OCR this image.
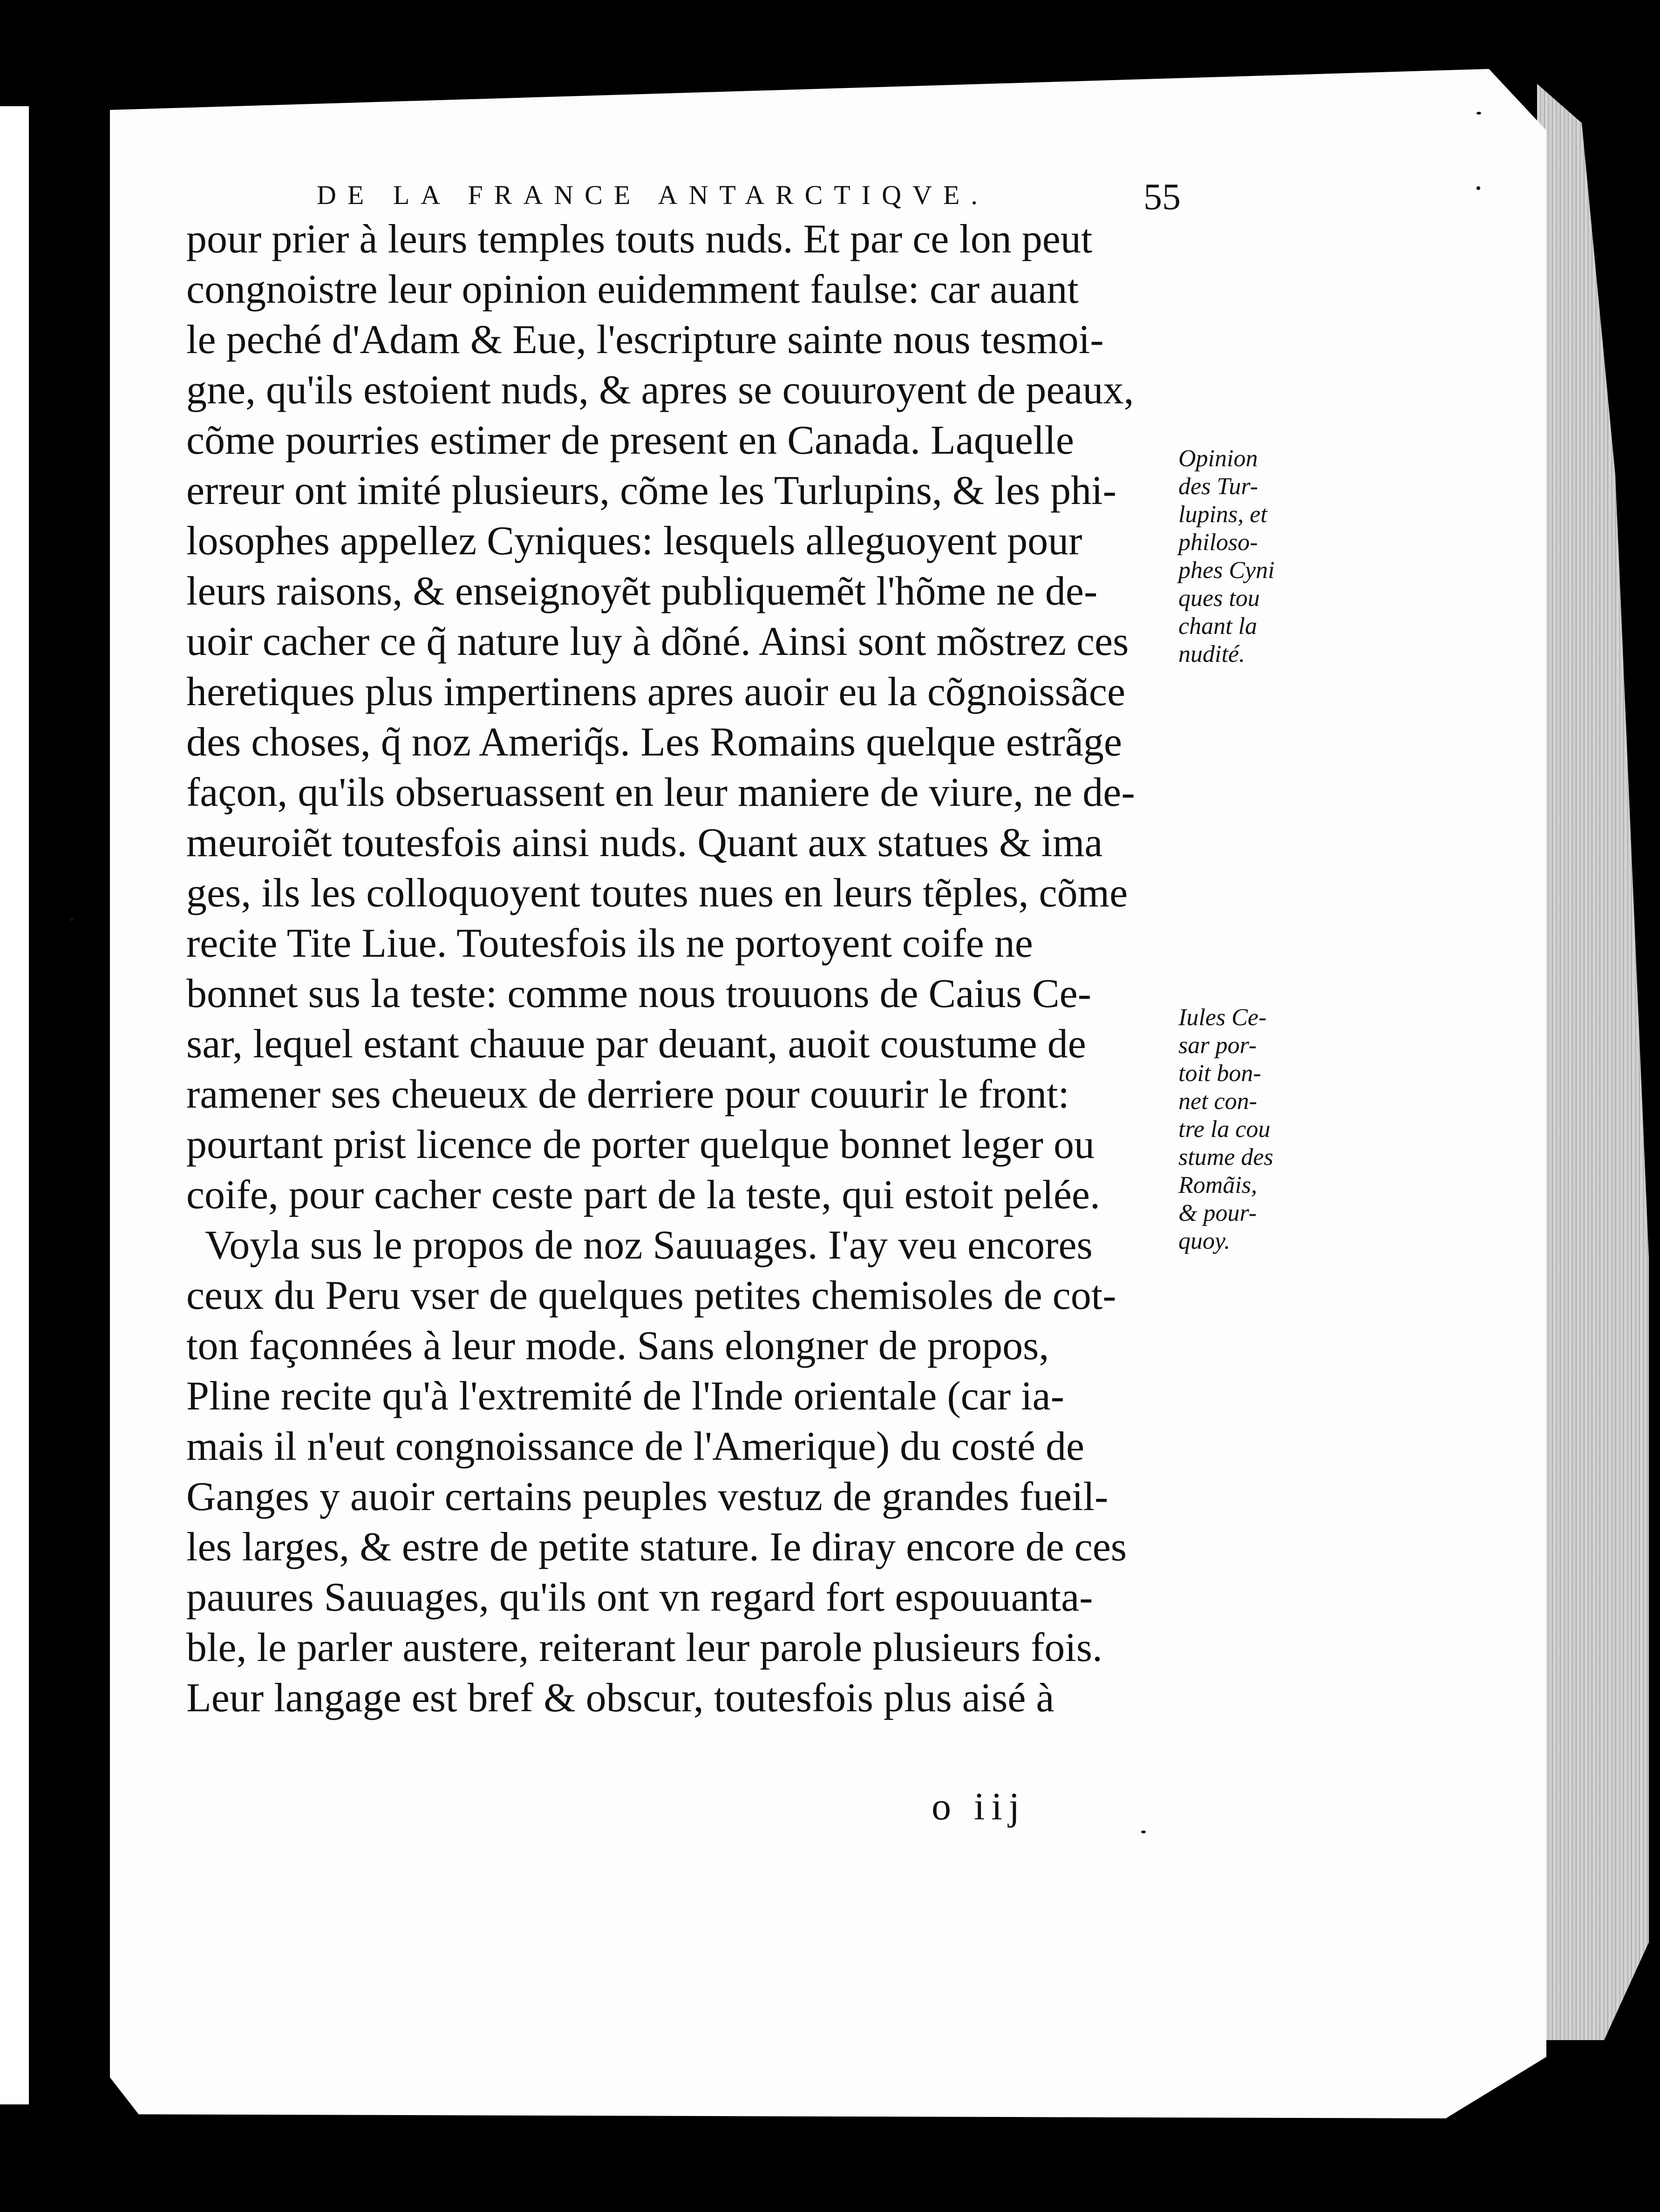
DE LA FRANCE ANTARCTIQVE.	55
pour prier à leurs temples touts nuds. Et par ce lon peut
congnoistre leur opinion euidemment faulse: car auant
le peché d'Adam & Eue, l'escripture sainte nous tesmoi-
gne, qu'ils estoient nuds, & apres se couuroyent de peaux,
cõme pourries estimer de present en Canada. Laquelle
erreur ont imité plusieurs, cõme les Turlupins, & les phi-
losophes appellez Cyniques: lesquels alleguoyent pour
leurs raisons, & enseignoyẽt publiquemẽt l'hõme ne de-
uoir cacher ce q̃ nature luy à dõné. Ainsi sont mõstrez ces
heretiques plus impertinens apres auoir eu la cõgnoissãce
des choses, q̃ noz Ameriq̃s. Les Romains quelque estrãge
façon, qu'ils obseruassent en leur maniere de viure, ne de-
meuroiẽt toutesfois ainsi nuds. Quant aux statues & ima
ges, ils les colloquoyent toutes nues en leurs tẽples, cõme
recite Tite Liue. Toutesfois ils ne portoyent coife ne
bonnet sus la teste: comme nous trouuons de Caius Ce-
sar, lequel estant chauue par deuant, auoit coustume de
ramener ses cheueux de derriere pour couurir le front:
pourtant prist licence de porter quelque bonnet leger ou
coife, pour cacher ceste part de la teste, qui estoit pelée.
Voyla sus le propos de noz Sauuages. I'ay veu encores
ceux du Peru vser de quelques petites chemisoles de cot-
ton façonnées à leur mode. Sans elongner de propos,
Pline recite qu'à l'extremité de l'Inde orientale (car ia-
mais il n'eut congnoissance de l'Amerique) du costé de
Ganges y auoir certains peuples vestuz de grandes fueil-
les larges, & estre de petite stature. Ie diray encore de ces
pauures Sauuages, qu'ils ont vn regard fort espouuanta-
ble, le parler austere, reiterant leur parole plusieurs fois.
Leur langage est bref & obscur, toutesfois plus aisé à
Opinion
des Tur-
lupins, et
philoso-
phes Cyni
ques tou
chant la
nudité.
Iules Ce-
sar por-
toit bon-
net con-
tre la cou
stume des
Romãis,
& pour-
quoy.
o iij
